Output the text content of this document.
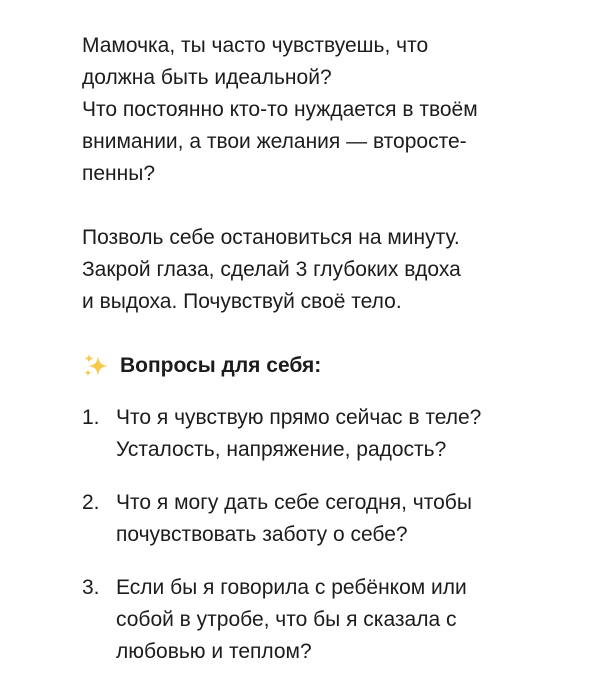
Мамочка, ты часто чувствуешь, что
должна быть идеальной?
Что постоянно кто-то нуждается в твоём
внимании, а твои желания — второсте-
пенны?

Позволь себе остановиться на минуту.
Закрой глаза, сделай 3 глубоких вдоха
и выдоха. Почувствуй своё тело.

Вопросы для себя:
1. Что я чувствую прямо сейчас в теле?
Усталость, напряжение, радость?
2. Что я могу дать себе сегодня, чтобы
почувствовать заботу о себе?
3. Если бы я говорила с ребёнком или
собой в утробе, что бы я сказала с
любовью и теплом?
